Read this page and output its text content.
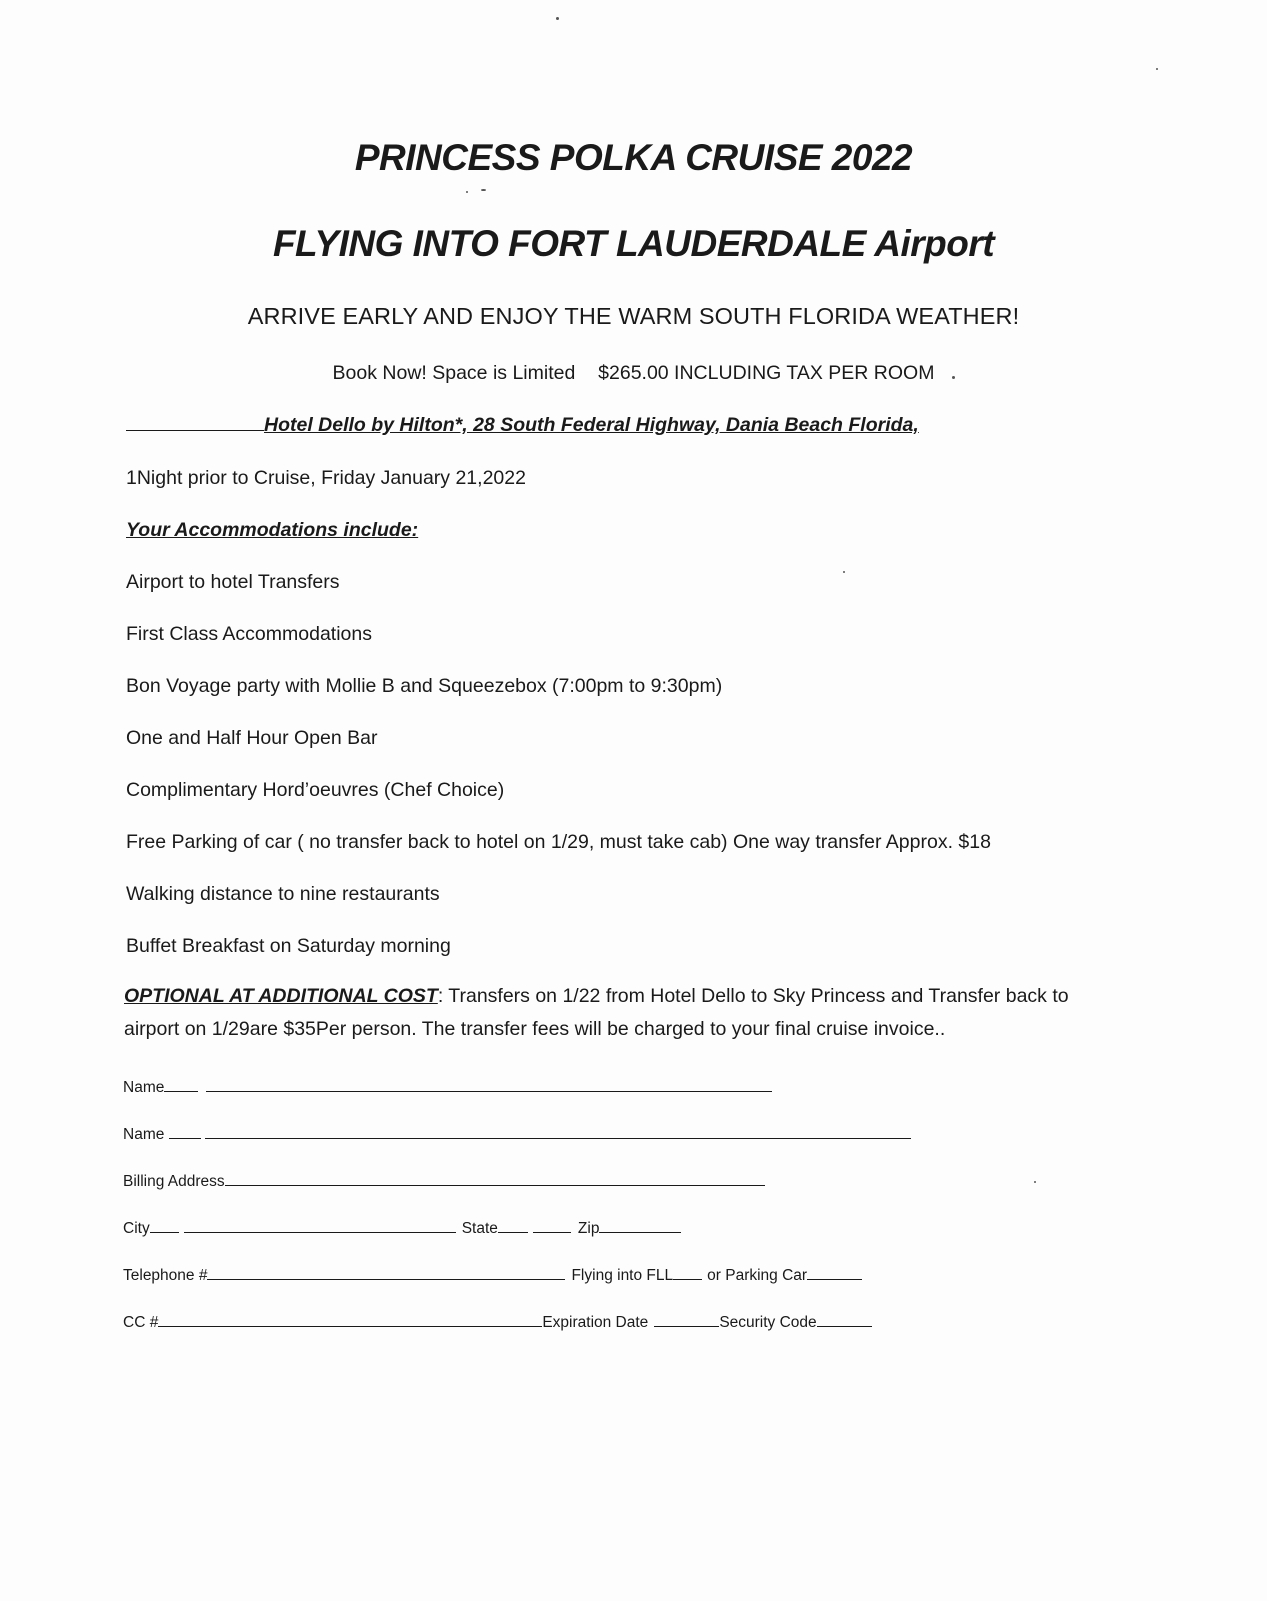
PRINCESS POLKA CRUISE 2022
FLYING INTO FORT LAUDERDALE Airport
ARRIVE EARLY AND ENJOY THE WARM SOUTH FLORIDA WEATHER!
Book Now! Space is Limited $265.00 INCLUDING TAX PER ROOM
Hotel Dello by Hilton*, 28 South Federal Highway, Dania Beach Florida,
1Night prior to Cruise, Friday January 21,2022
Your Accommodations include:
Airport to hotel Transfers
First Class Accommodations
Bon Voyage party with Mollie B and Squeezebox (7:00pm to 9:30pm)
One and Half Hour Open Bar
Complimentary Hord’oeuvres (Chef Choice)
Free Parking of car ( no transfer back to hotel on 1/29, must take cab) One way transfer Approx. $18
Walking distance to nine restaurants
Buffet Breakfast on Saturday morning
OPTIONAL AT ADDITIONAL COST: Transfers on 1/22 from Hotel Dello to Sky Princess and Transfer back to airport on 1/29are $35Per person. The transfer fees will be charged to your final cruise invoice..
Name
Name
Billing Address
City	State	Zip
Telephone #	Flying into FLL or Parking Car
CC #	Expiration Date	Security Code
